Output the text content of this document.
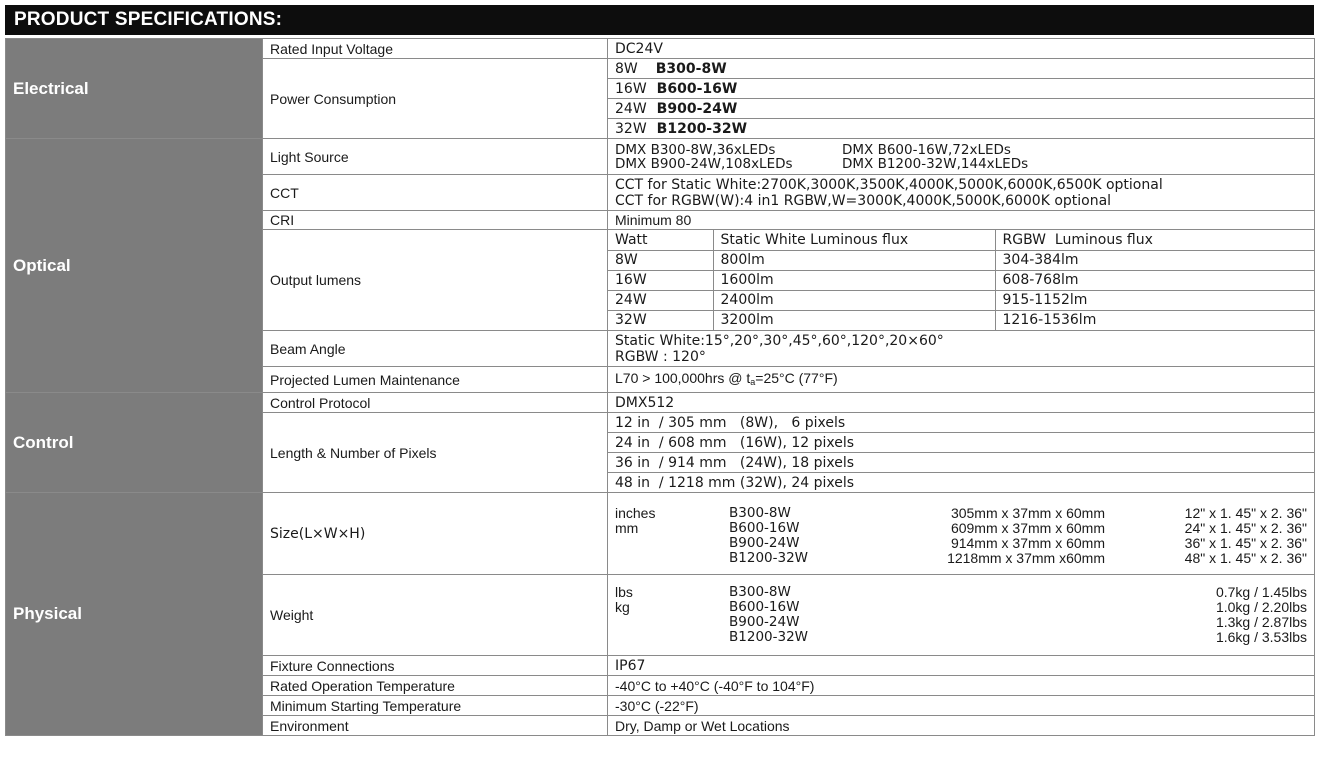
PRODUCT SPECIFICATIONS:
Electrical	Rated Input Voltage	DC24V
Power Consumption	8W B300-8W
16W B600-16W
24W B900-24W
32W B1200-32W
Optical	Light Source	DMX B300-8W,36xLEDs	DMX B600-16W,72xLEDs
DMX B900-24W,108xLEDs	DMX B1200-32W,144xLEDs

CCT	CCT for Static White:2700K,3000K,3500K,4000K,5000K,6000K,6500K optional
CCT for RGBW(W):4 in1 RGBW,W=3000K,4000K,5000K,6000K optional

CRI	Minimum 80
Output lumens	
Watt	Static White Luminous flux	RGBW  Luminous flux
8W	800lm	304-384lm
16W	1600lm	608-768lm
24W	2400lm	915-1152lm
32W	3200lm	1216-1536lm

Beam Angle	Static White:15°,20°,30°,45°,60°,120°,20×60°
RGBW : 120°

Projected Lumen Maintenance	L70 > 100,000hrs @ $t_a=25^\circ C$ (77°F)
Control	Control Protocol	DMX512
Length & Number of Pixels	12 in  / 305 mm   (8W),   6 pixels
24 in  / 608 mm   (16W), 12 pixels
36 in  / 914 mm   (24W), 18 pixels
48 in  / 1218 mm (32W), 24 pixels
Physical	Size(L×W×H)	
inches	B300-8W	305mm x 37mm x 60mm	12" x 1. 45" x 2. 36"
mm	B600-16W	609mm x 37mm x 60mm	24" x 1. 45" x 2. 36"
B900-24W	914mm x 37mm x 60mm	36" x 1. 45" x 2. 36"
B1200-32W	1218mm x 37mm x60mm	48" x 1. 45" x 2. 36"

Weight	
lbs	B300-8W	0.7kg / 1.45lbs
kg	B600-16W	1.0kg / 2.20lbs
B900-24W	1.3kg / 2.87lbs
B1200-32W	1.6kg / 3.53lbs

Fixture Connections	IP67
Rated Operation Temperature	-40°C to +40°C (-40°F to 104°F)
Minimum Starting Temperature	-30°C (-22°F)
Environment	Dry, Damp or Wet Locations
